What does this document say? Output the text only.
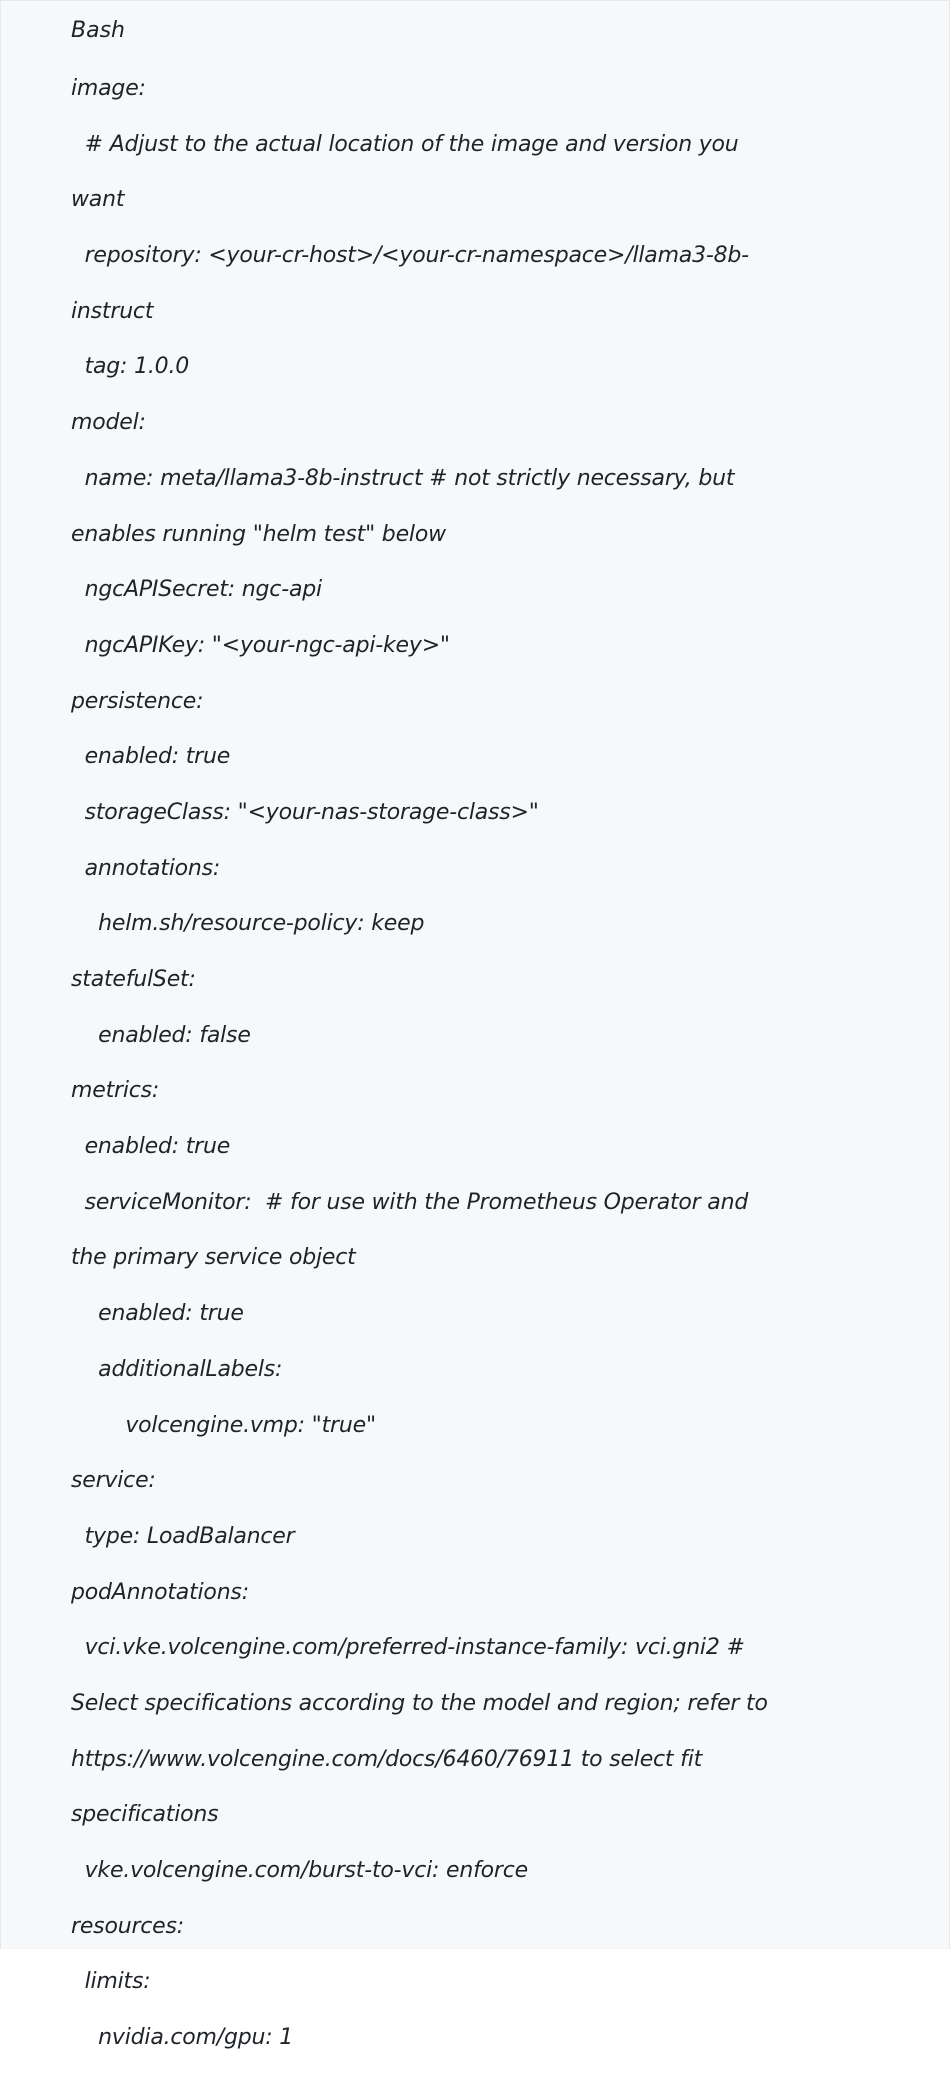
Bash
image:
# Adjust to the actual location of the image and version you
want
repository: <your-cr-host>/<your-cr-namespace>/llama3-8b-
instruct
tag: 1.0.0
model:
name: meta/llama3-8b-instruct # not strictly necessary, but
enables running "helm test" below
ngcAPISecret: ngc-api
ngcAPIKey: "<your-ngc-api-key>"
persistence:
enabled: true
storageClass: "<your-nas-storage-class>"
annotations:
helm.sh/resource-policy: keep
statefulSet:
enabled: false
metrics:
enabled: true
serviceMonitor:  # for use with the Prometheus Operator and
the primary service object
enabled: true
additionalLabels:
volcengine.vmp: "true"
service:
type: LoadBalancer
podAnnotations:
vci.vke.volcengine.com/preferred-instance-family: vci.gni2 #
Select specifications according to the model and region; refer to
https://www.volcengine.com/docs/6460/76911 to select fit
specifications
vke.volcengine.com/burst-to-vci: enforce
resources:
limits:
nvidia.com/gpu: 1
